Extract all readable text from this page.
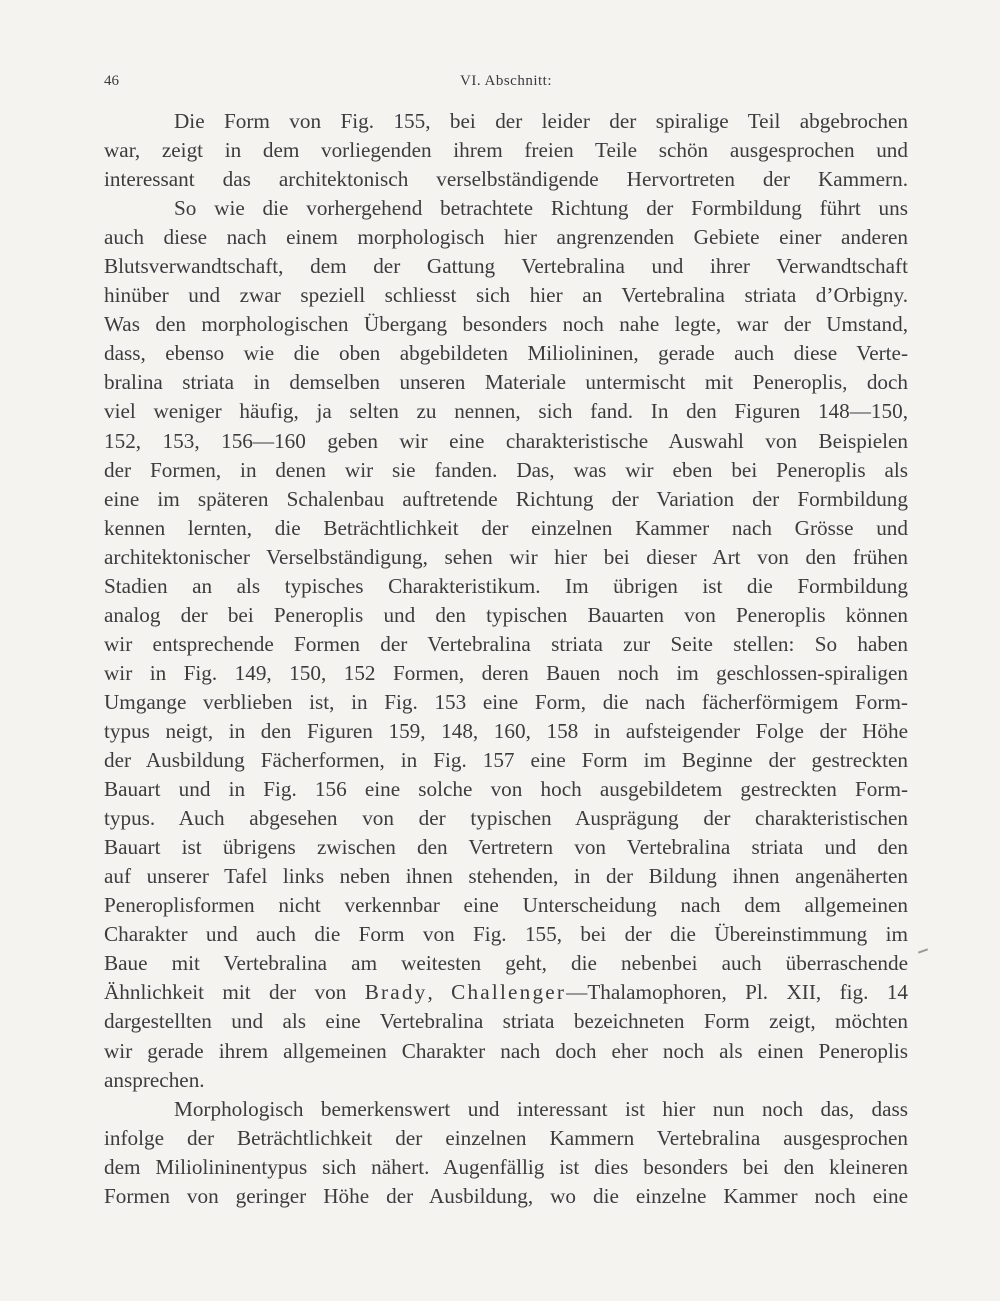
46	VI. Abschnitt:
Die Form von Fig. 155, bei der leider der spiralige Teil abgebrochen
war, zeigt in dem vorliegenden ihrem freien Teile schön ausgesprochen und
interessant das architektonisch verselbständigende Hervortreten der Kammern.
So wie die vorhergehend betrachtete Richtung der Formbildung führt uns
auch diese nach einem morphologisch hier angrenzenden Gebiete einer anderen
Blutsverwandtschaft, dem der Gattung Vertebralina und ihrer Verwandtschaft
hinüber und zwar speziell schliesst sich hier an Vertebralina striata d’Orbigny.
Was den morphologischen Übergang besonders noch nahe legte, war der Umstand,
dass, ebenso wie die oben abgebildeten Miliolininen, gerade auch diese Verte-
bralina striata in demselben unseren Materiale untermischt mit Peneroplis, doch
viel weniger häufig, ja selten zu nennen, sich fand. In den Figuren 148—150,
152, 153, 156—160 geben wir eine charakteristische Auswahl von Beispielen
der Formen, in denen wir sie fanden. Das, was wir eben bei Peneroplis als
eine im späteren Schalenbau auftretende Richtung der Variation der Formbildung
kennen lernten, die Beträchtlichkeit der einzelnen Kammer nach Grösse und
architektonischer Verselbständigung, sehen wir hier bei dieser Art von den frühen
Stadien an als typisches Charakteristikum. Im übrigen ist die Formbildung
analog der bei Peneroplis und den typischen Bauarten von Peneroplis können
wir entsprechende Formen der Vertebralina striata zur Seite stellen: So haben
wir in Fig. 149, 150, 152 Formen, deren Bauen noch im geschlossen-spiraligen
Umgange verblieben ist, in Fig. 153 eine Form, die nach fächerförmigem Form-
typus neigt, in den Figuren 159, 148, 160, 158 in aufsteigender Folge der Höhe
der Ausbildung Fächerformen, in Fig. 157 eine Form im Beginne der gestreckten
Bauart und in Fig. 156 eine solche von hoch ausgebildetem gestreckten Form-
typus. Auch abgesehen von der typischen Ausprägung der charakteristischen
Bauart ist übrigens zwischen den Vertretern von Vertebralina striata und den
auf unserer Tafel links neben ihnen stehenden, in der Bildung ihnen angenäherten
Peneroplisformen nicht verkennbar eine Unterscheidung nach dem allgemeinen
Charakter und auch die Form von Fig. 155, bei der die Übereinstimmung im
Baue mit Vertebralina am weitesten geht, die nebenbei auch überraschende
Ähnlichkeit mit der von Brady, Challenger—Thalamophoren, Pl. XII, fig. 14
dargestellten und als eine Vertebralina striata bezeichneten Form zeigt, möchten
wir gerade ihrem allgemeinen Charakter nach doch eher noch als einen Peneroplis
ansprechen.
Morphologisch bemerkenswert und interessant ist hier nun noch das, dass
infolge der Beträchtlichkeit der einzelnen Kammern Vertebralina ausgesprochen
dem Miliolininentypus sich nähert. Augenfällig ist dies besonders bei den kleineren
Formen von geringer Höhe der Ausbildung, wo die einzelne Kammer noch eine
